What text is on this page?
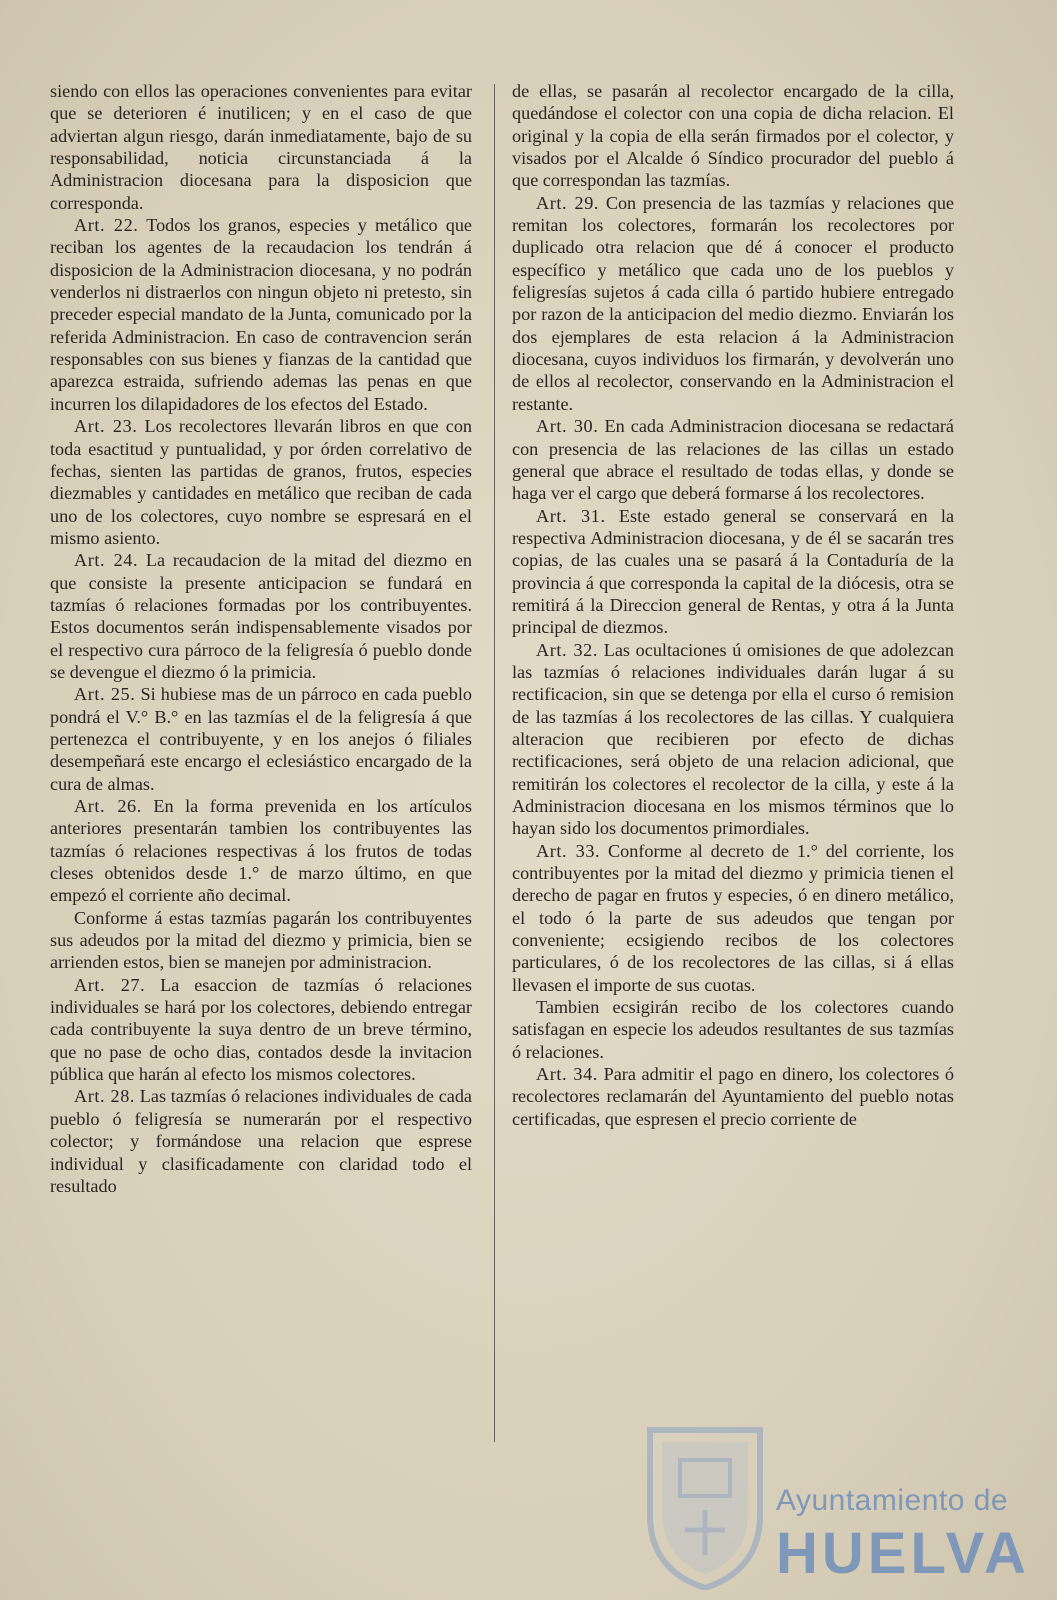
siendo con ellos las operaciones convenientes para evitar que se deterioren é inutilicen; y en el caso de que adviertan algun riesgo, darán inmediatamente, bajo de su responsabilidad, noticia circunstanciada á la Administracion diocesana para la disposicion que corresponda.

Art. 22. Todos los granos, especies y metálico que reciban los agentes de la recaudacion los tendrán á disposicion de la Administracion diocesana, y no podrán venderlos ni distraerlos con ningun objeto ni pretesto, sin preceder especial mandato de la Junta, comunicado por la referida Administracion. En caso de contravencion serán responsables con sus bienes y fianzas de la cantidad que aparezca estraida, sufriendo ademas las penas en que incurren los dilapidadores de los efectos del Estado.

Art. 23. Los recolectores llevarán libros en que con toda esactitud y puntualidad, y por órden correlativo de fechas, sienten las partidas de granos, frutos, especies diezmables y cantidades en metálico que reciban de cada uno de los colectores, cuyo nombre se espresará en el mismo asiento.

Art. 24. La recaudacion de la mitad del diezmo en que consiste la presente anticipacion se fundará en tazmías ó relaciones formadas por los contribuyentes. Estos documentos serán indispensablemente visados por el respectivo cura párroco de la feligresía ó pueblo donde se devengue el diezmo ó la primicia.

Art. 25. Si hubiese mas de un párroco en cada pueblo pondrá el V.° B.° en las tazmías el de la feligresía á que pertenezca el contribuyente, y en los anejos ó filiales desempeñará este encargo el eclesiástico encargado de la cura de almas.

Art. 26. En la forma prevenida en los artículos anteriores presentarán tambien los contribuyentes las tazmías ó relaciones respectivas á los frutos de todas cleses obtenidos desde 1.° de marzo último, en que empezó el corriente año decimal.

Conforme á estas tazmías pagarán los contribuyentes sus adeudos por la mitad del diezmo y primicia, bien se arrienden estos, bien se manejen por administracion.

Art. 27. La esaccion de tazmías ó relaciones individuales se hará por los colectores, debiendo entregar cada contribuyente la suya dentro de un breve término, que no pase de ocho dias, contados desde la invitacion pública que harán al efecto los mismos colectores.

Art. 28. Las tazmías ó relaciones individuales de cada pueblo ó feligresía se numerarán por el respectivo colector; y formándose una relacion que esprese individual y clasificadamente con claridad todo el resultado

de ellas, se pasarán al recolector encargado de la cilla, quedándose el colector con una copia de dicha relacion. El original y la copia de ella serán firmados por el colector, y visados por el Alcalde ó Síndico procurador del pueblo á que correspondan las tazmías.

Art. 29. Con presencia de las tazmías y relaciones que remitan los colectores, formarán los recolectores por duplicado otra relacion que dé á conocer el producto específico y metálico que cada uno de los pueblos y feligresías sujetos á cada cilla ó partido hubiere entregado por razon de la anticipacion del medio diezmo. Enviarán los dos ejemplares de esta relacion á la Administracion diocesana, cuyos individuos los firmarán, y devolverán uno de ellos al recolector, conservando en la Administracion el restante.

Art. 30. En cada Administracion diocesana se redactará con presencia de las relaciones de las cillas un estado general que abrace el resultado de todas ellas, y donde se haga ver el cargo que deberá formarse á los recolectores.

Art. 31. Este estado general se conservará en la respectiva Administracion diocesana, y de él se sacarán tres copias, de las cuales una se pasará á la Contaduría de la provincia á que corresponda la capital de la diócesis, otra se remitirá á la Direccion general de Rentas, y otra á la Junta principal de diezmos.

Art. 32. Las ocultaciones ú omisiones de que adolezcan las tazmías ó relaciones individuales darán lugar á su rectificacion, sin que se detenga por ella el curso ó remision de las tazmías á los recolectores de las cillas. Y cualquiera alteracion que recibieren por efecto de dichas rectificaciones, será objeto de una relacion adicional, que remitirán los colectores el recolector de la cilla, y este á la Administracion diocesana en los mismos términos que lo hayan sido los documentos primordiales.

Art. 33. Conforme al decreto de 1.° del corriente, los contribuyentes por la mitad del diezmo y primicia tienen el derecho de pagar en frutos y especies, ó en dinero metálico, el todo ó la parte de sus adeudos que tengan por conveniente; ecsigiendo recibos de los colectores particulares, ó de los recolectores de las cillas, si á ellas llevasen el importe de sus cuotas.

Tambien ecsigirán recibo de los colectores cuando satisfagan en especie los adeudos resultantes de sus tazmías ó relaciones.

Art. 34. Para admitir el pago en dinero, los colectores ó recolectores reclamarán del Ayuntamiento del pueblo notas certificadas, que espresen el precio corriente de

Ayuntamiento de
HUELVA
